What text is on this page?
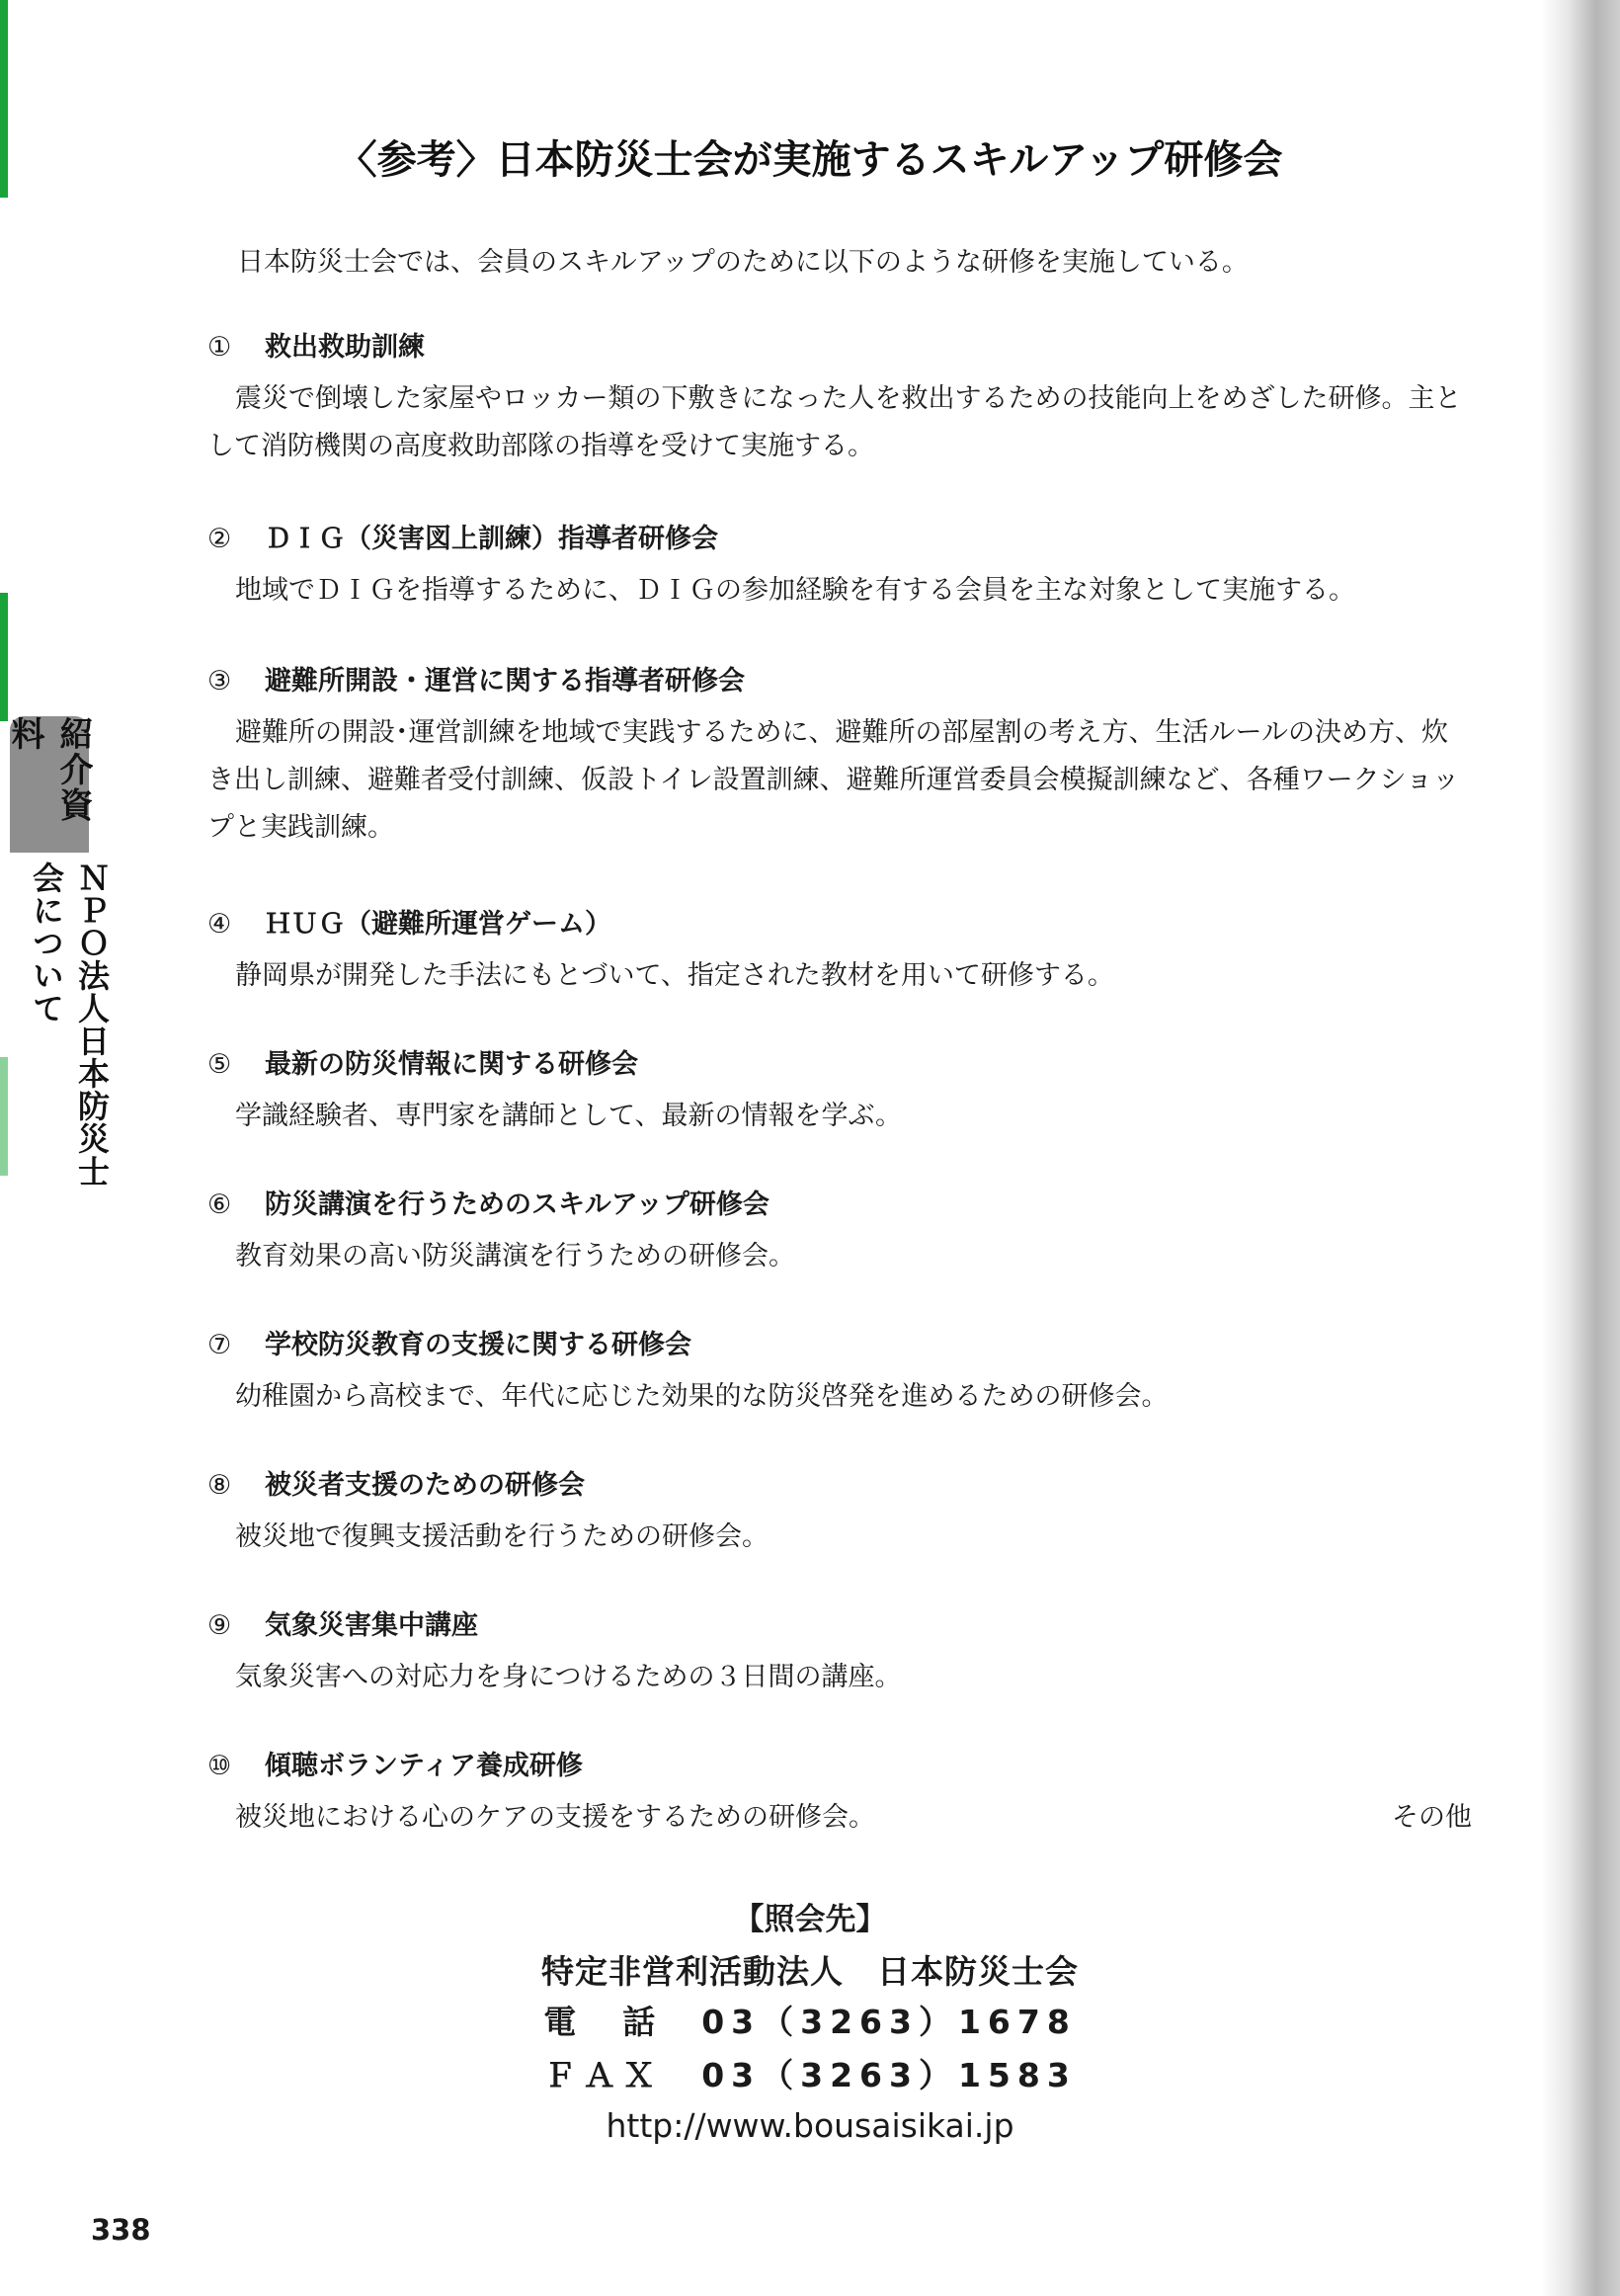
紹介資料
ＮＰＯ法人日本防災士会について
〈参考〉日本防災士会が実施するスキルアップ研修会
日本防災士会では、会員のスキルアップのために以下のような研修を実施している。
①	救出救助訓練
震災で倒壊した家屋やロッカー類の下敷きになった人を救出するための技能向上をめざした研修。主として消防機関の高度救助部隊の指導を受けて実施する。
②	ＤＩＧ（災害図上訓練）指導者研修会
地域でＤＩＧを指導するために、ＤＩＧの参加経験を有する会員を主な対象として実施する。
③	避難所開設・運営に関する指導者研修会
避難所の開設･運営訓練を地域で実践するために、避難所の部屋割の考え方、生活ルールの決め方、炊き出し訓練、避難者受付訓練、仮設トイレ設置訓練、避難所運営委員会模擬訓練など、各種ワークショップと実践訓練。
④	ＨＵＧ（避難所運営ゲーム）
静岡県が開発した手法にもとづいて、指定された教材を用いて研修する。
⑤	最新の防災情報に関する研修会
学識経験者、専門家を講師として、最新の情報を学ぶ。
⑥	防災講演を行うためのスキルアップ研修会
教育効果の高い防災講演を行うための研修会。
⑦	学校防災教育の支援に関する研修会
幼稚園から高校まで、年代に応じた効果的な防災啓発を進めるための研修会。
⑧	被災者支援のための研修会
被災地で復興支援活動を行うための研修会。
⑨	気象災害集中講座
気象災害への対応力を身につけるための３日間の講座。
⑩	傾聴ボランティア養成研修
被災地における心のケアの支援をするための研修会。	その他
【照会先】
特定非営利活動法人　日本防災士会
電　話　03（3263）1678
ＦＡＸ　03（3263）1583
http://www.bousaisikai.jp
338
